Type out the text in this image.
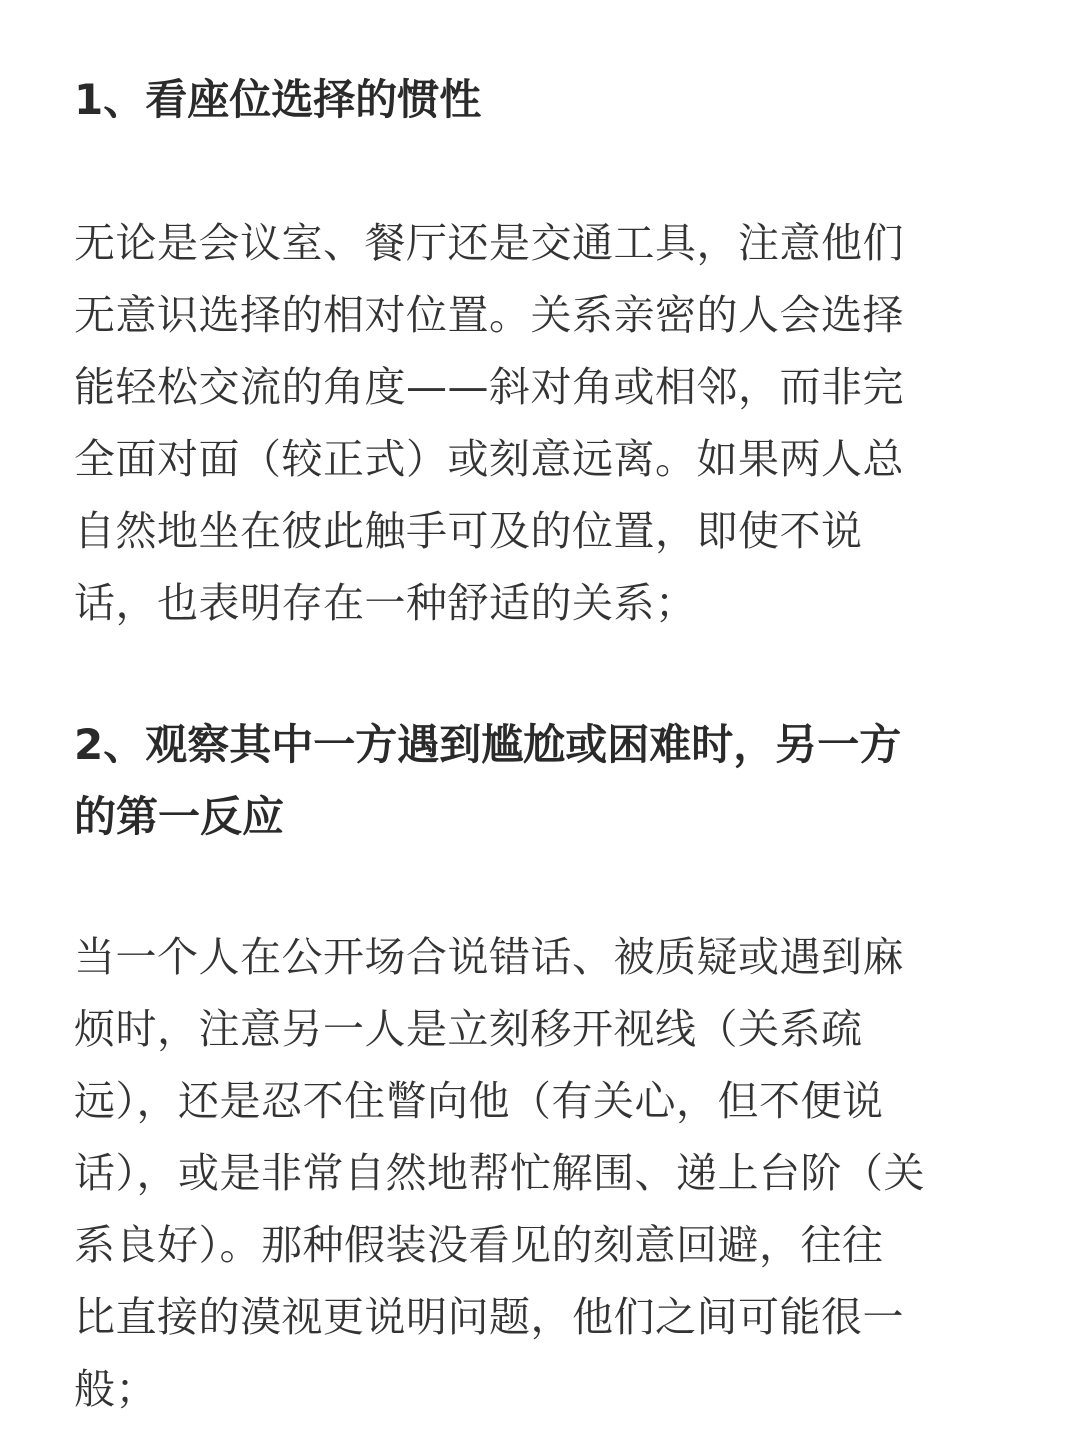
1、看座位选择的惯性

无论是会议室、餐厅还是交通工具，注意他们
无意识选择的相对位置。关系亲密的人会选择
能轻松交流的角度——斜对角或相邻，而非完
全面对面（较正式）或刻意远离。如果两人总
自然地坐在彼此触手可及的位置，即使不说
话，也表明存在一种舒适的关系；

2、观察其中一方遇到尴尬或困难时，另一方
的第一反应

当一个人在公开场合说错话、被质疑或遇到麻
烦时，注意另一人是立刻移开视线（关系疏
远），还是忍不住瞥向他（有关心，但不便说
话），或是非常自然地帮忙解围、递上台阶（关
系良好）。那种假装没看见的刻意回避，往往
比直接的漠视更说明问题，他们之间可能很一
般；
